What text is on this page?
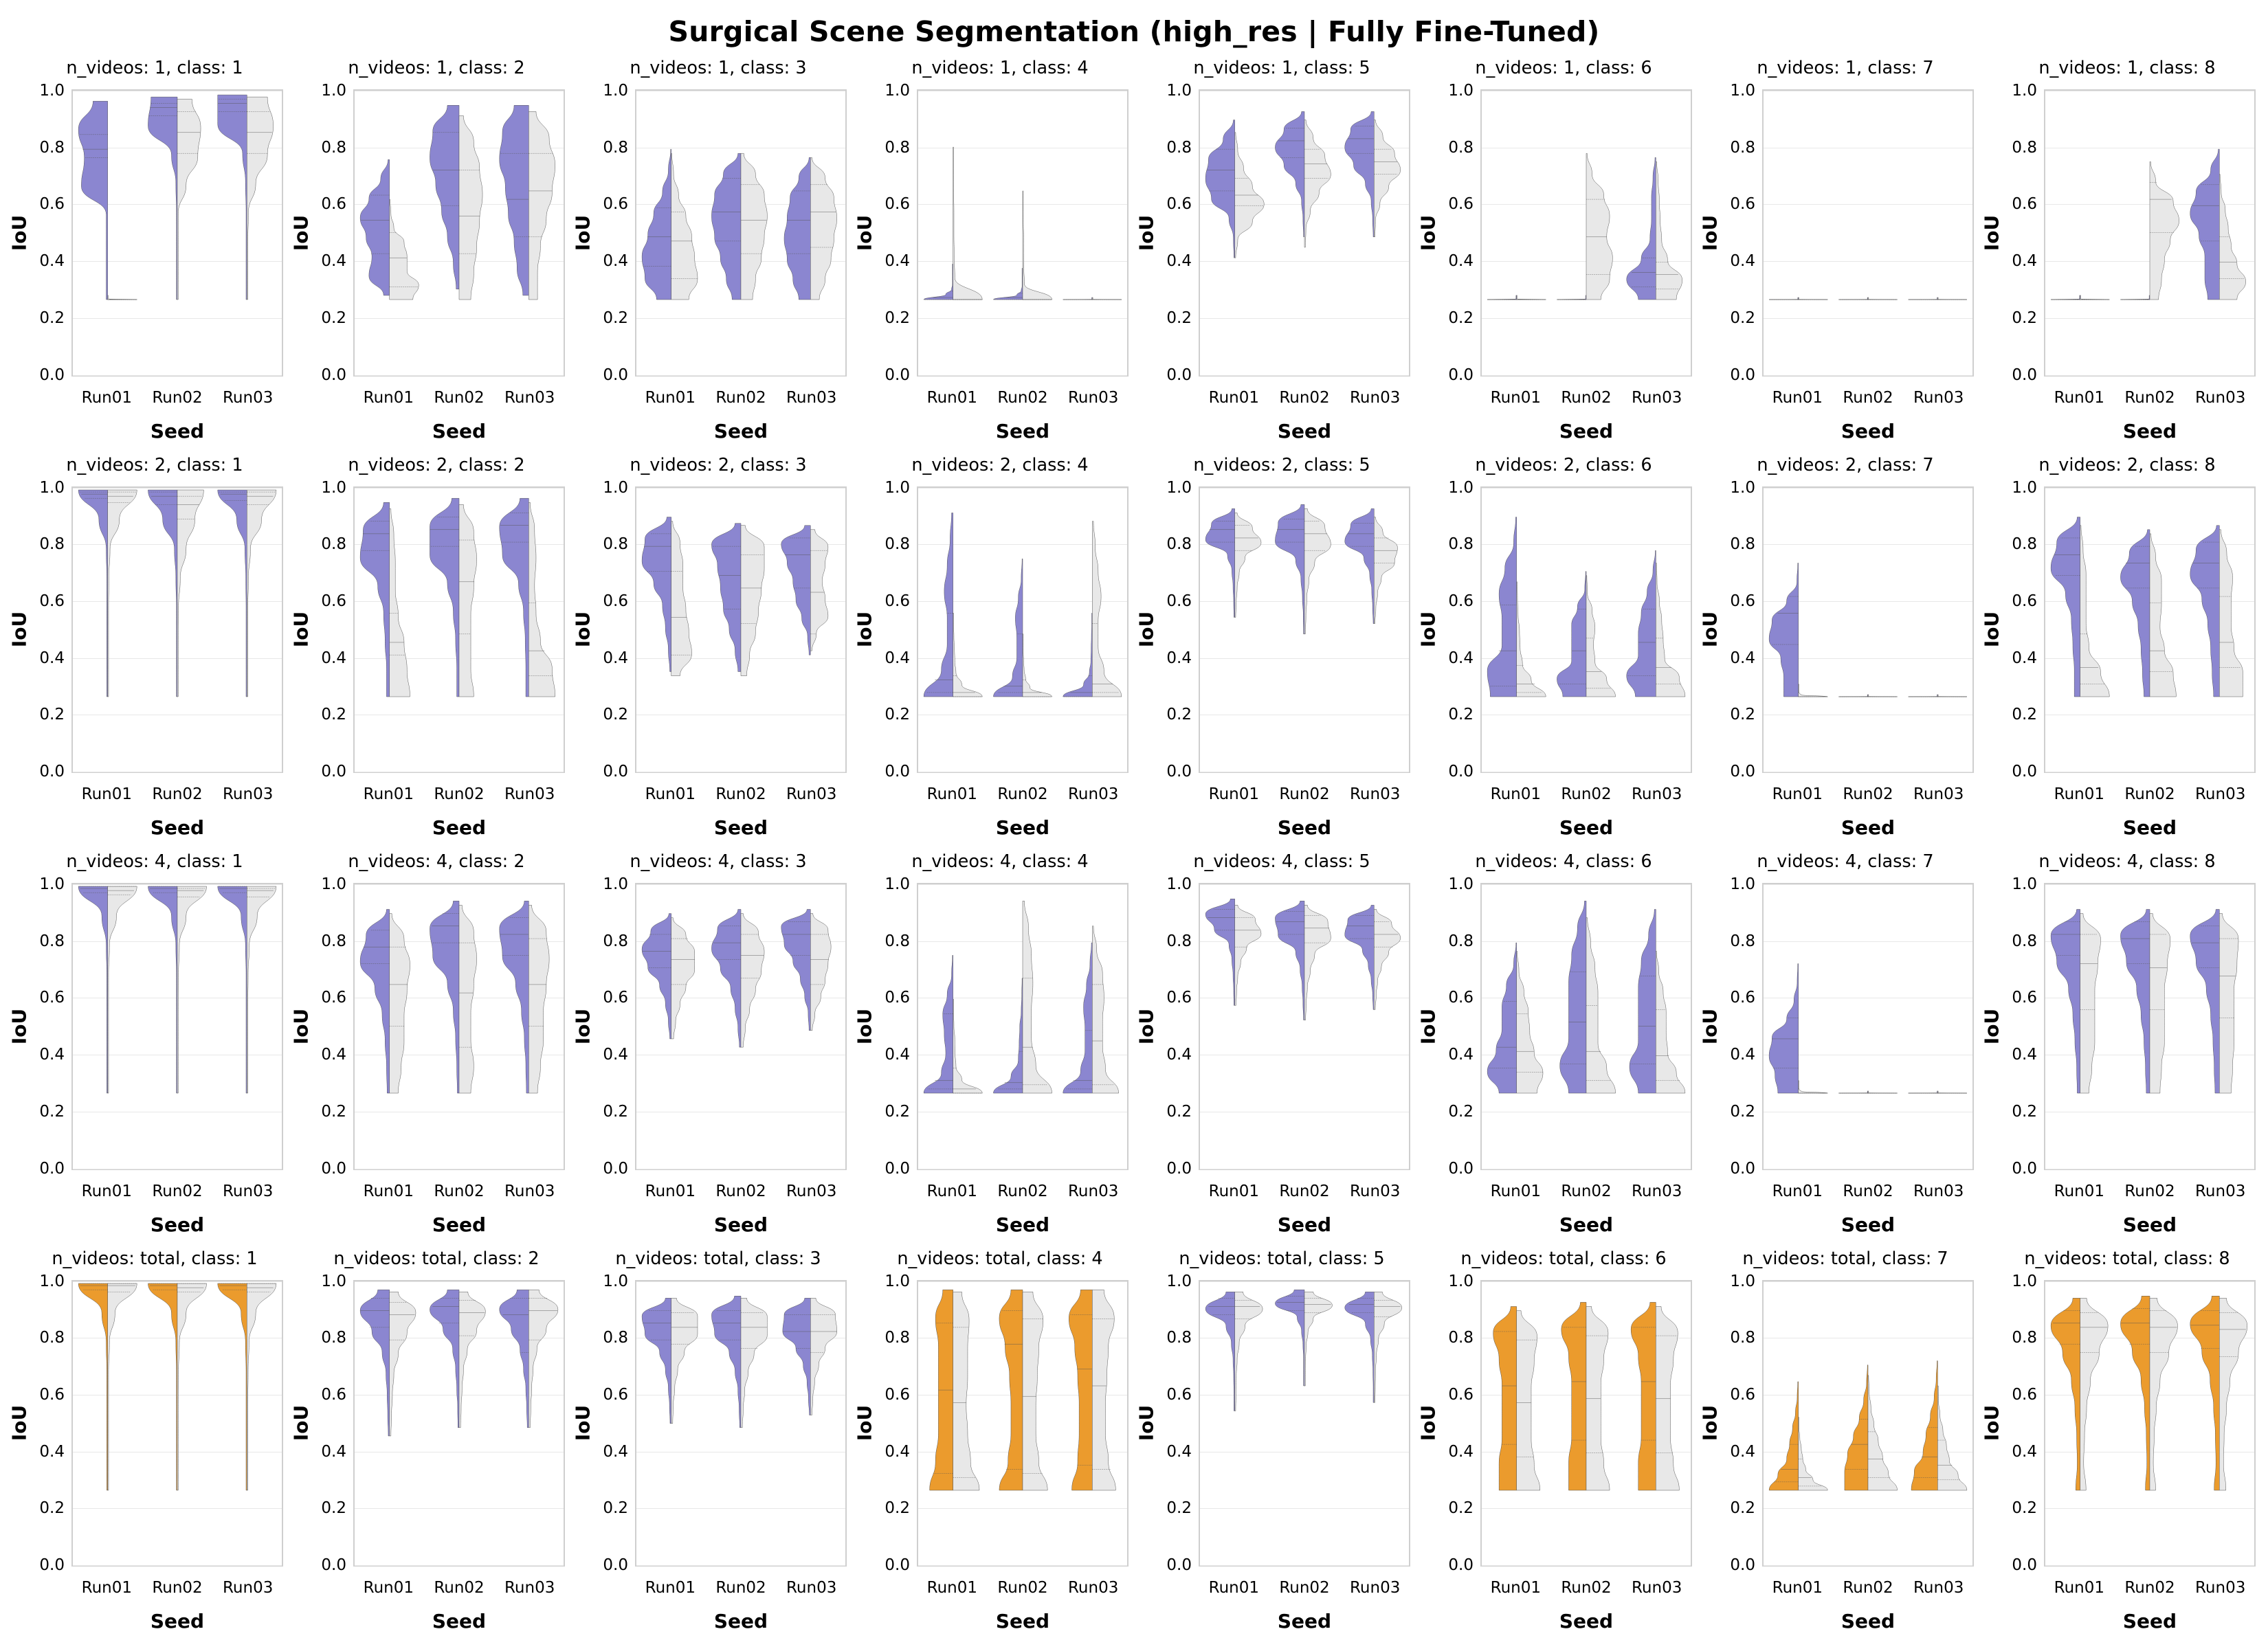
Surgical Scene Segmentation (high_res | Fully Fine-Tuned)
n_videos: 1, class: 1
0.0
0.2
0.4
0.6
0.8
1.0
Run01 Run02 Run03
Seed
IoU
n_videos: 1, class: 2
0.0
0.2
0.4
0.6
0.8
1.0
Run01 Run02 Run03
Seed
IoU
n_videos: 1, class: 3
0.0
0.2
0.4
0.6
0.8
1.0
Run01 Run02 Run03
Seed
IoU
n_videos: 1, class: 4
0.0
0.2
0.4
0.6
0.8
1.0
Run01 Run02 Run03
Seed
IoU
n_videos: 1, class: 5
0.0
0.2
0.4
0.6
0.8
1.0
Run01 Run02 Run03
Seed
IoU
n_videos: 1, class: 6
0.0
0.2
0.4
0.6
0.8
1.0
Run01 Run02 Run03
Seed
IoU
n_videos: 1, class: 7
0.0
0.2
0.4
0.6
0.8
1.0
Run01 Run02 Run03
Seed
IoU
n_videos: 1, class: 8
0.0
0.2
0.4
0.6
0.8
1.0
Run01 Run02 Run03
Seed
IoU
n_videos: 2, class: 1
0.0
0.2
0.4
0.6
0.8
1.0
Run01 Run02 Run03
Seed
IoU
n_videos: 2, class: 2
0.0
0.2
0.4
0.6
0.8
1.0
Run01 Run02 Run03
Seed
IoU
n_videos: 2, class: 3
0.0
0.2
0.4
0.6
0.8
1.0
Run01 Run02 Run03
Seed
IoU
n_videos: 2, class: 4
0.0
0.2
0.4
0.6
0.8
1.0
Run01 Run02 Run03
Seed
IoU
n_videos: 2, class: 5
0.0
0.2
0.4
0.6
0.8
1.0
Run01 Run02 Run03
Seed
IoU
n_videos: 2, class: 6
0.0
0.2
0.4
0.6
0.8
1.0
Run01 Run02 Run03
Seed
IoU
n_videos: 2, class: 7
0.0
0.2
0.4
0.6
0.8
1.0
Run01 Run02 Run03
Seed
IoU
n_videos: 2, class: 8
0.0
0.2
0.4
0.6
0.8
1.0
Run01 Run02 Run03
Seed
IoU
n_videos: 4, class: 1
0.0
0.2
0.4
0.6
0.8
1.0
Run01 Run02 Run03
Seed
IoU
n_videos: 4, class: 2
0.0
0.2
0.4
0.6
0.8
1.0
Run01 Run02 Run03
Seed
IoU
n_videos: 4, class: 3
0.0
0.2
0.4
0.6
0.8
1.0
Run01 Run02 Run03
Seed
IoU
n_videos: 4, class: 4
0.0
0.2
0.4
0.6
0.8
1.0
Run01 Run02 Run03
Seed
IoU
n_videos: 4, class: 5
0.0
0.2
0.4
0.6
0.8
1.0
Run01 Run02 Run03
Seed
IoU
n_videos: 4, class: 6
0.0
0.2
0.4
0.6
0.8
1.0
Run01 Run02 Run03
Seed
IoU
n_videos: 4, class: 7
0.0
0.2
0.4
0.6
0.8
1.0
Run01 Run02 Run03
Seed
IoU
n_videos: 4, class: 8
0.0
0.2
0.4
0.6
0.8
1.0
Run01 Run02 Run03
Seed
IoU
n_videos: total, class: 1
0.0
0.2
0.4
0.6
0.8
1.0
Run01 Run02 Run03
Seed
IoU
n_videos: total, class: 2
0.0
0.2
0.4
0.6
0.8
1.0
Run01 Run02 Run03
Seed
IoU
n_videos: total, class: 3
0.0
0.2
0.4
0.6
0.8
1.0
Run01 Run02 Run03
Seed
IoU
n_videos: total, class: 4
0.0
0.2
0.4
0.6
0.8
1.0
Run01 Run02 Run03
Seed
IoU
n_videos: total, class: 5
0.0
0.2
0.4
0.6
0.8
1.0
Run01 Run02 Run03
Seed
IoU
n_videos: total, class: 6
0.0
0.2
0.4
0.6
0.8
1.0
Run01 Run02 Run03
Seed
IoU
n_videos: total, class: 7
0.0
0.2
0.4
0.6
0.8
1.0
Run01 Run02 Run03
Seed
IoU
n_videos: total, class: 8
0.0
0.2
0.4
0.6
0.8
1.0
Run01 Run02 Run03
Seed
IoU
